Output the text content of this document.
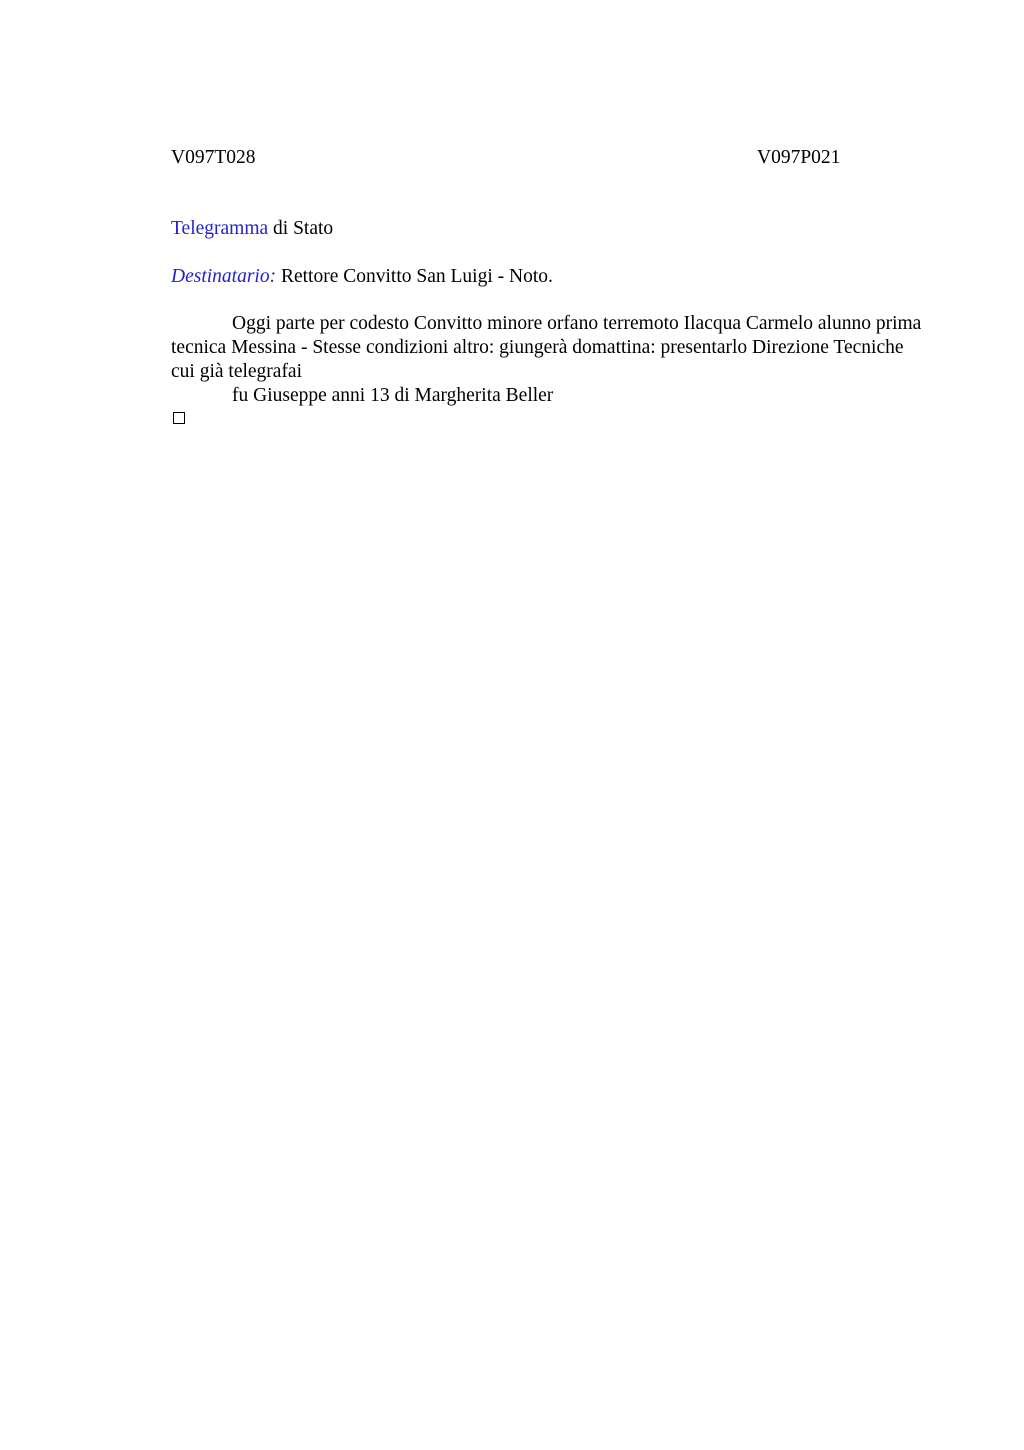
V097T028	V097P021
Telegramma di Stato
Destinatario: Rettore Convitto San Luigi - Noto.

Oggi parte per codesto Convitto minore orfano terremoto Ilacqua Carmelo alunno prima tecnica Messina - Stesse condizioni altro: giungerà domattina: presentarlo Direzione Tecniche cui già telegrafai

fu Giuseppe anni 13 di Margherita Beller
